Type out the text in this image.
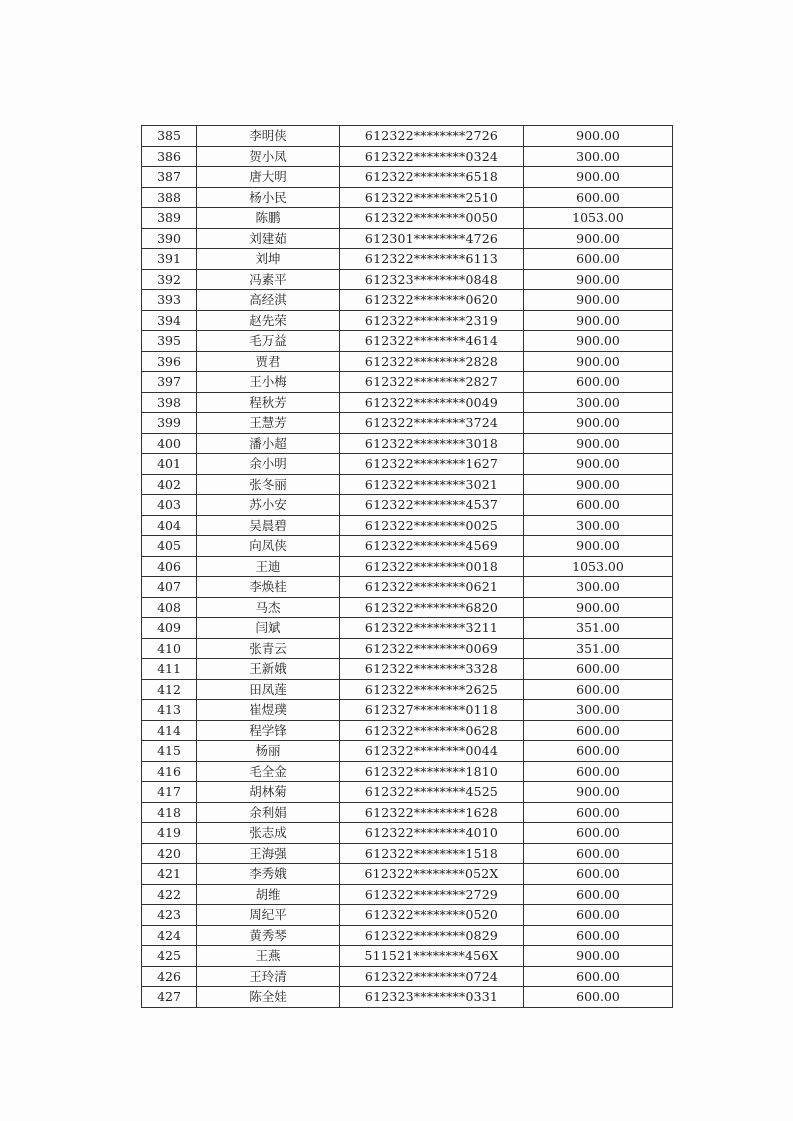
385	李明侠	612322********2726	900.00
386	贺小凤	612322********0324	300.00
387	唐大明	612322********6518	900.00
388	杨小民	612322********2510	600.00
389	陈鹏	612322********0050	1053.00
390	刘建茹	612301********4726	900.00
391	刘坤	612322********6113	600.00
392	冯素平	612323********0848	900.00
393	高经淇	612322********0620	900.00
394	赵先荣	612322********2319	900.00
395	毛万益	612322********4614	900.00
396	贾君	612322********2828	900.00
397	王小梅	612322********2827	600.00
398	程秋芳	612322********0049	300.00
399	王慧芳	612322********3724	900.00
400	潘小超	612322********3018	900.00
401	余小明	612322********1627	900.00
402	张冬丽	612322********3021	900.00
403	苏小安	612322********4537	600.00
404	吴晨碧	612322********0025	300.00
405	向凤侠	612322********4569	900.00
406	王迪	612322********0018	1053.00
407	李焕桂	612322********0621	300.00
408	马杰	612322********6820	900.00
409	闫斌	612322********3211	351.00
410	张青云	612322********0069	351.00
411	王新娥	612322********3328	600.00
412	田凤莲	612322********2625	600.00
413	崔煜璞	612327********0118	300.00
414	程学锋	612322********0628	600.00
415	杨丽	612322********0044	600.00
416	毛全金	612322********1810	600.00
417	胡林菊	612322********4525	900.00
418	余利娟	612322********1628	600.00
419	张志成	612322********4010	600.00
420	王海强	612322********1518	600.00
421	李秀娥	612322********052X	600.00
422	胡维	612322********2729	600.00
423	周纪平	612322********0520	600.00
424	黄秀琴	612322********0829	600.00
425	王燕	511521********456X	900.00
426	王玲清	612322********0724	600.00
427	陈全娃	612323********0331	600.00
